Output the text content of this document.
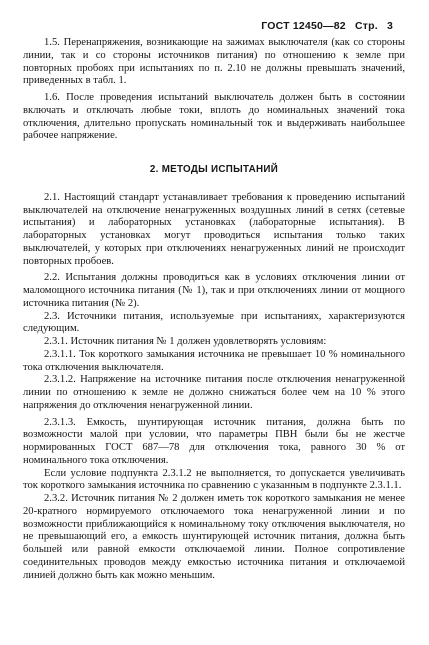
ГОСТ 12450—82 Стр. 3

1.5. Перенапряжения, возникающие на зажимах выключателя (как со стороны линии, так и со стороны источников питания) по отношению к земле при повторных пробоях при испытаниях по п. 2.10 не должны превышать значений, приведенных в табл. 1.

1.6. После проведения испытаний выключатель должен быть в состоянии включать и отключать любые токи, вплоть до номинальных значений тока отключения, длительно пропускать номинальный ток и выдерживать наибольшее рабочее напряжение.

2. МЕТОДЫ ИСПЫТАНИЙ

2.1. Настоящий стандарт устанавливает требования к проведению испытаний выключателей на отключение ненагруженных воздушных линий в сетях (сетевые испытания) и лабораторных установках (лабораторные испытания). В лабораторных установках могут проводиться испытания только таких выключателей, у которых при отключениях ненагруженных линий не происходит повторных пробоев.

2.2. Испытания должны проводиться как в условиях отключения линии от маломощного источника питания (№ 1), так и при отключениях линии от мощного источника питания (№ 2).

2.3. Источники питания, используемые при испытаниях, характеризуются следующим.

2.3.1. Источник питания № 1 должен удовлетворять условиям:

2.3.1.1. Ток короткого замыкания источника не превышает 10 % номинального тока отключения выключателя.

2.3.1.2. Напряжение на источнике питания после отключения ненагруженной линии по отношению к земле не должно снижаться более чем на 10 % этого напряжения до отключения ненагруженной линии.

2.3.1.3. Емкость, шунтирующая источник питания, должна быть по возможности малой при условии, что параметры ПВН были бы не жестче нормированных ГОСТ 687—78 для отключения тока, равного 30 % от номинального тока отключения.

Если условие подпункта 2.3.1.2 не выполняется, то допускается увеличивать ток короткого замыкания источника по сравнению с указанным в подпункте 2.3.1.1.

2.3.2. Источник питания № 2 должен иметь ток короткого замыкания не менее 20-кратного нормируемого отключаемого тока ненагруженной линии и по возможности приближающийся к номинальному току отключения выключателя, но не превышающий его, а емкость шунтирующей источник питания, должна быть большей или равной емкости отключаемой линии. Полное сопротивление соединительных проводов между емкостью источника питания и отключаемой линией должно быть как можно меньшим.
